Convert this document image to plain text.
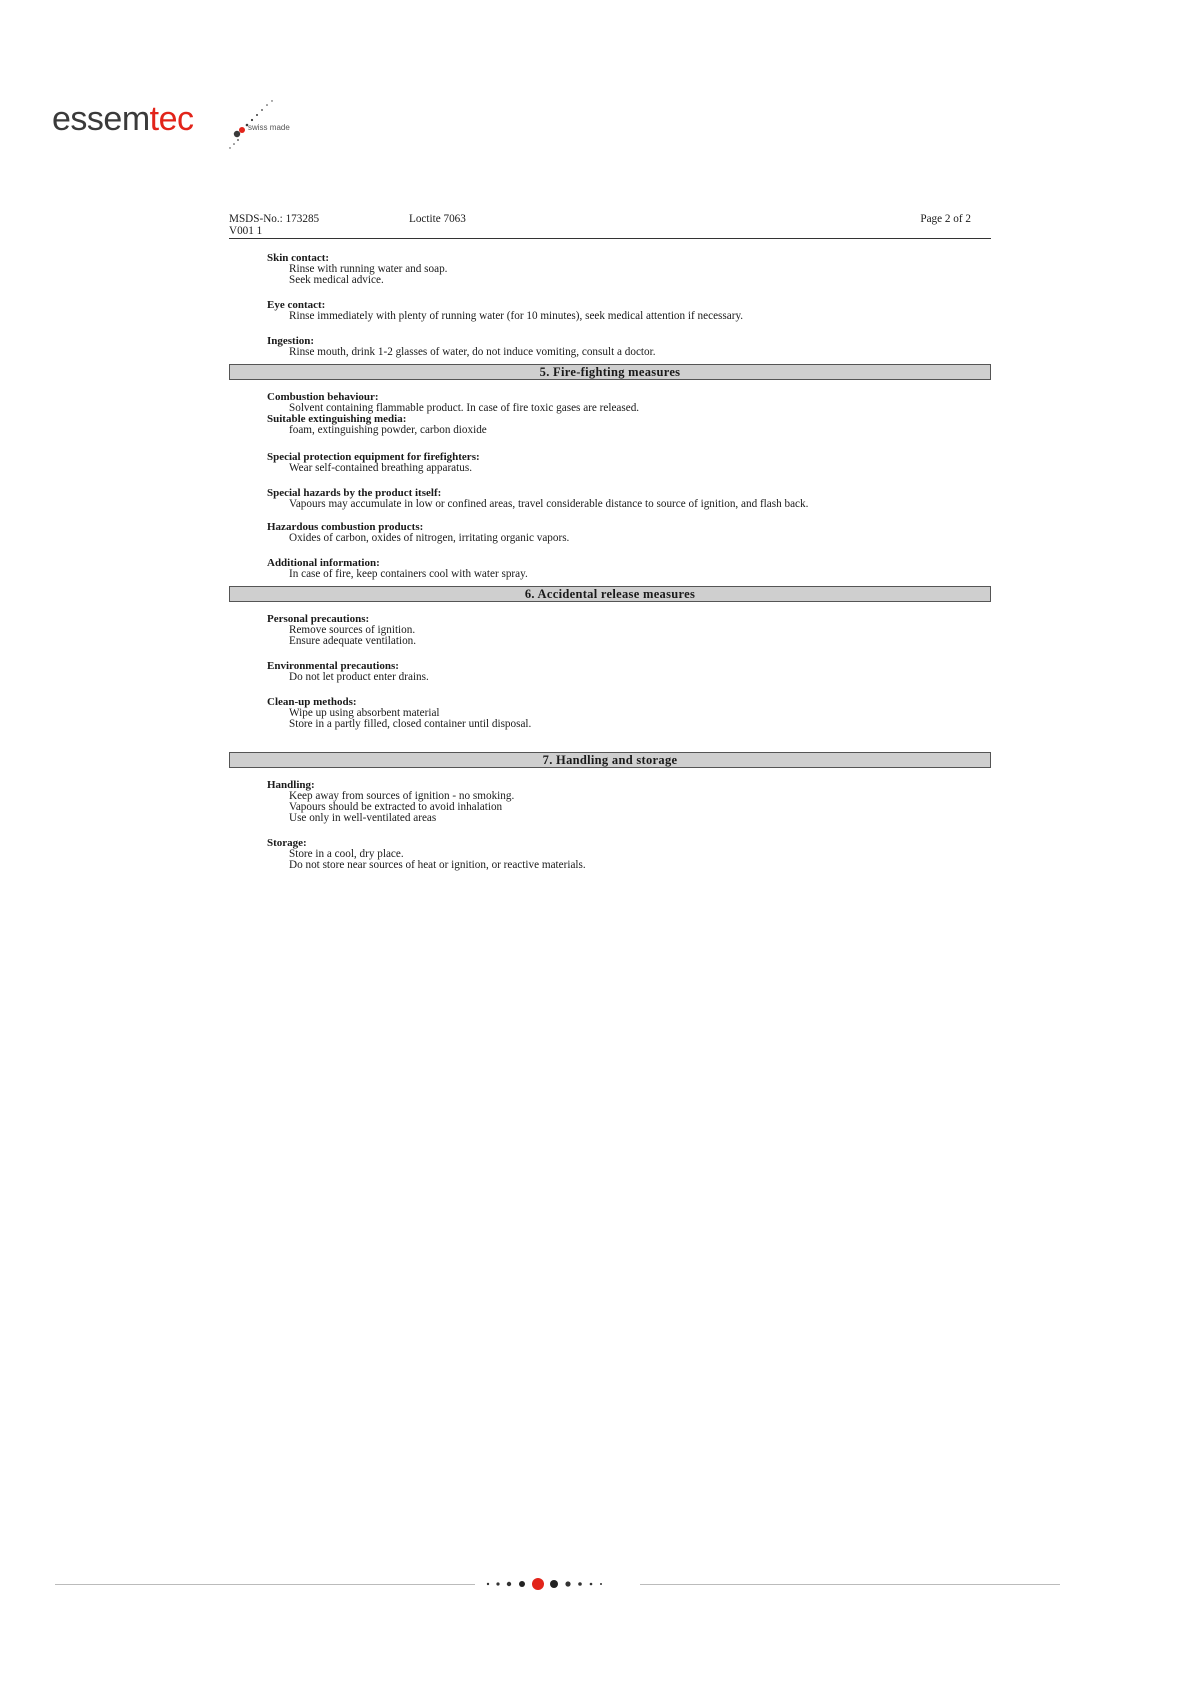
essemtec	swiss made
MSDS-No.: 173285
V001 1
Loctite 7063	Page 2 of 2
Skin contact:
Rinse with running water and soap.
Seek medical advice.
Eye contact:
Rinse immediately with plenty of running water (for 10 minutes), seek medical attention if necessary.
Ingestion:
Rinse mouth, drink 1-2 glasses of water, do not induce vomiting, consult a doctor.
5. Fire-fighting measures
Combustion behaviour:
Solvent containing flammable product. In case of fire toxic gases are released.
Suitable extinguishing media:
foam, extinguishing powder, carbon dioxide
Special protection equipment for firefighters:
Wear self-contained breathing apparatus.
Special hazards by the product itself:
Vapours may accumulate in low or confined areas, travel considerable distance to source of ignition, and flash back.
Hazardous combustion products:
Oxides of carbon, oxides of nitrogen, irritating organic vapors.
Additional information:
In case of fire, keep containers cool with water spray.
6. Accidental release measures
Personal precautions:
Remove sources of ignition.
Ensure adequate ventilation.
Environmental precautions:
Do not let product enter drains.
Clean-up methods:
Wipe up using absorbent material
Store in a partly filled, closed container until disposal.
7. Handling and storage
Handling:
Keep away from sources of ignition - no smoking.
Vapours should be extracted to avoid inhalation
Use only in well-ventilated areas
Storage:
Store in a cool, dry place.
Do not store near sources of heat or ignition, or reactive materials.
